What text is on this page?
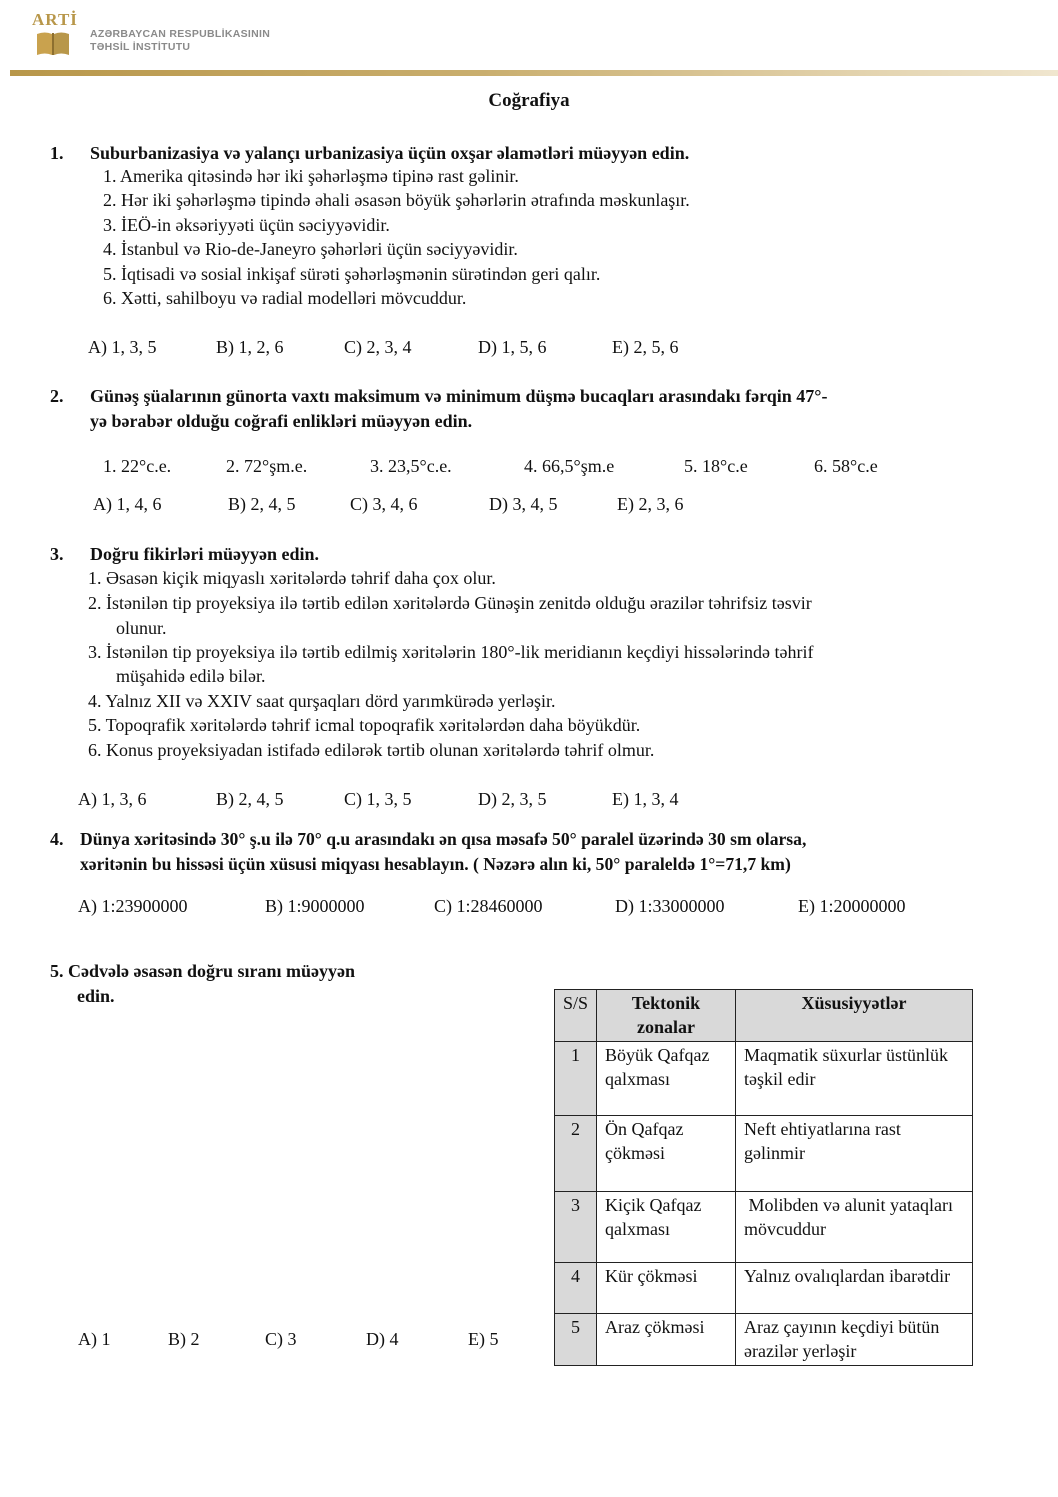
ARTİ
AZƏRBAYCAN RESPUBLİKASININ
TƏHSİL İNSTİTUTU
Coğrafiya
1. Suburbanizasiya və yalançı urbanizasiya üçün oxşar əlamətləri müəyyən edin.
1. Amerika qitəsində hər iki şəhərləşmə tipinə rast gəlinir.
2. Hər iki şəhərləşmə tipində əhali əsasən böyük şəhərlərin ətrafında məskunlaşır.
3. İEÖ-in əksəriyyəti üçün səciyyəvidir.
4. İstanbul və Rio-de-Janeyro şəhərləri üçün səciyyəvidir.
5. İqtisadi və sosial inkişaf sürəti şəhərləşmənin sürətindən geri qalır.
6. Xətti, sahilboyu və radial modelləri mövcuddur.
A) 1, 3, 5	B) 1, 2, 6	C) 2, 3, 4	D) 1, 5, 6	E) 2, 5, 6
2. Günəş şüalarının günorta vaxtı maksimum və minimum düşmə bucaqları arasındakı fərqin 47°-
yə bərabər olduğu coğrafi enlikləri müəyyən edin.
1. 22°c.e.	2. 72°şm.e.	3. 23,5°c.e.	4. 66,5°şm.e	5. 18°c.e	6. 58°c.e
A) 1, 4, 6	B) 2, 4, 5	C) 3, 4, 6	D) 3, 4, 5	E) 2, 3, 6
3. Doğru fikirləri müəyyən edin.
1. Əsasən kiçik miqyaslı xəritələrdə təhrif daha çox olur.
2. İstənilən tip proyeksiya ilə tərtib edilən xəritələrdə Günəşin zenitdə olduğu ərazilər təhrifsiz təsvir
olunur.
3. İstənilən tip proyeksiya ilə tərtib edilmiş xəritələrin 180°-lik meridianın keçdiyi hissələrində təhrif
müşahidə edilə bilər.
4. Yalnız XII və XXIV saat qurşaqları dörd yarımkürədə yerləşir.
5. Topoqrafik xəritələrdə təhrif icmal topoqrafik xəritələrdən daha böyükdür.
6. Konus proyeksiyadan istifadə edilərək tərtib olunan xəritələrdə təhrif olmur.
A) 1, 3, 6	B) 2, 4, 5	C) 1, 3, 5	D) 2, 3, 5	E) 1, 3, 4
4. Dünya xəritəsində 30° ş.u ilə 70° q.u arasındakı ən qısa məsafə 50° paralel üzərində 30 sm olarsa,
xəritənin bu hissəsi üçün xüsusi miqyası hesablayın. ( Nəzərə alın ki, 50° paraleldə 1°=71,7 km)
A) 1:23900000	B) 1:9000000	C) 1:28460000	D) 1:33000000	E) 1:20000000
5. Cədvələ əsasən doğru sıranı müəyyən
edin.
A) 1	B) 2	C) 3	D) 4	E) 5
S/S	Tektonik zonalar	Xüsusiyyətlər
1	Böyük Qafqaz qalxması	Maqmatik süxurlar üstünlük təşkil edir
2	Ön Qafqaz çökməsi	Neft ehtiyatlarına rast gəlinmir
3	Kiçik Qafqaz qalxması	Molibden və alunit yataqları mövcuddur
4	Kür çökməsi	Yalnız ovalıqlardan ibarətdir
5	Araz çökməsi	Araz çayının keçdiyi bütün ərazilər yerləşir
